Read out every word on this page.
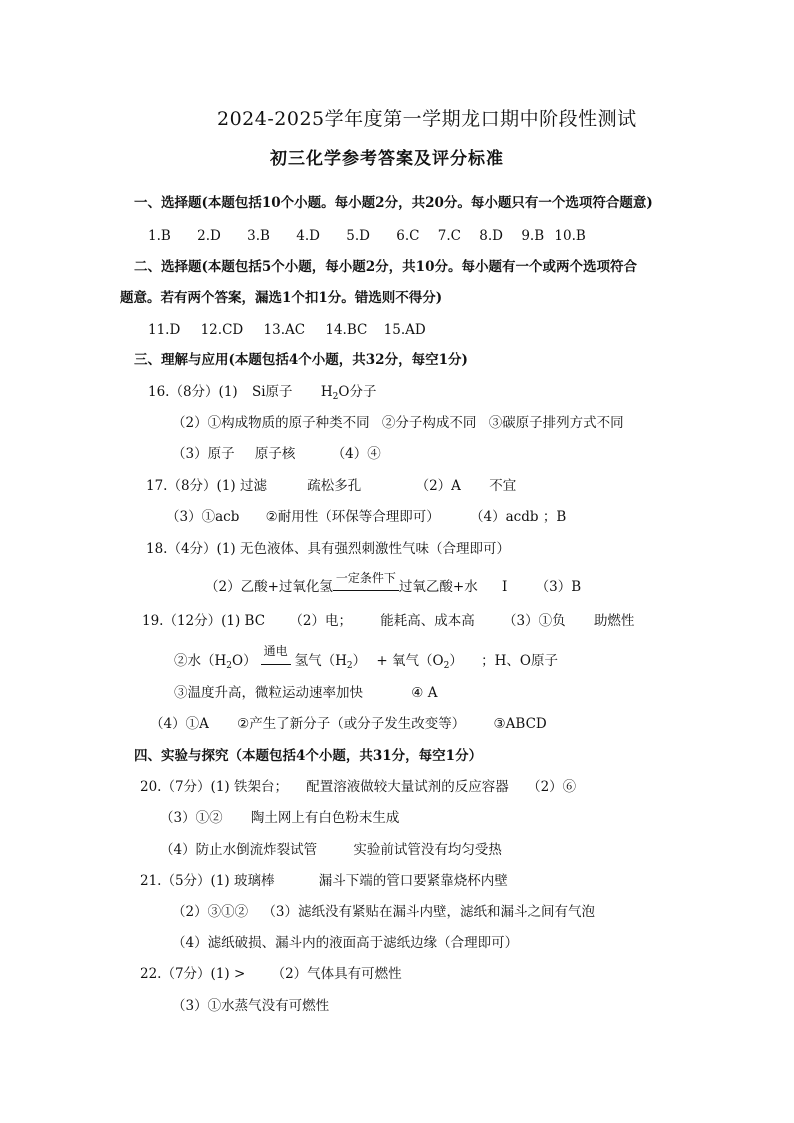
2024-2025学年度第一学期龙口期中阶段性测试
初三化学参考答案及评分标准
一、选择题(本题包括10个小题。每小题2分，共20分。每小题只有一个选项符合题意)
1.B 2.D 3.B 4.D 5.D 6.C 7.C 8.D 9.B 10.B
二、选择题(本题包括5个小题，每小题2分，共10分。每小题有一个或两个选项符合
题意。若有两个答案，漏选1个扣1分。错选则不得分)
11.D 12.CD 13.AC 14.BC 15.AD
三、理解与应用(本题包括4个小题，共32分，每空1分)
16.（8分）(1) Si原子 $H_2O$分子
（2）①构成物质的原子种类不同 ②分子构成不同 ③碳原子排列方式不同
（3）原子 原子核	（4）④
17.（8分）(1) 过滤	疏松多孔	（2）A 不宜
（3）①acb ②耐用性（环保等合理即可） （4）acdb ；B
18.（4分）(1) 无色液体、具有强烈刺激性气味（合理即可）
（2）乙酸+过氧化氢
一定条件下
过氧乙酸+水 I （3）B
19.（12分）(1) BC （2）电； 能耗高、成本高 （3）①负 助燃性
②水$(H_2O)$
通电
氢气$(H_2)$ + 氧气$(O_2)$ ；H、O原子
③温度升高，微粒运动速率加快	④ A
（4）①A ②产生了新分子（或分子发生改变等） ③ABCD
四、实验与探究（本题包括4个小题，共31分，每空1分）
20.（7分）(1) 铁架台； 配置溶液做较大量试剂的反应容器 （2）⑥
（3）①② 陶土网上有白色粉末生成
（4）防止水倒流炸裂试管	实验前试管没有均匀受热
21.（5分）(1) 玻璃棒	漏斗下端的管口要紧靠烧杯内壁
（2）③①② （3）滤纸没有紧贴在漏斗内壁，滤纸和漏斗之间有气泡
（4）滤纸破损、漏斗内的液面高于滤纸边缘（合理即可）
22.（7分）(1) > （2）气体具有可燃性
（3）①水蒸气没有可燃性
